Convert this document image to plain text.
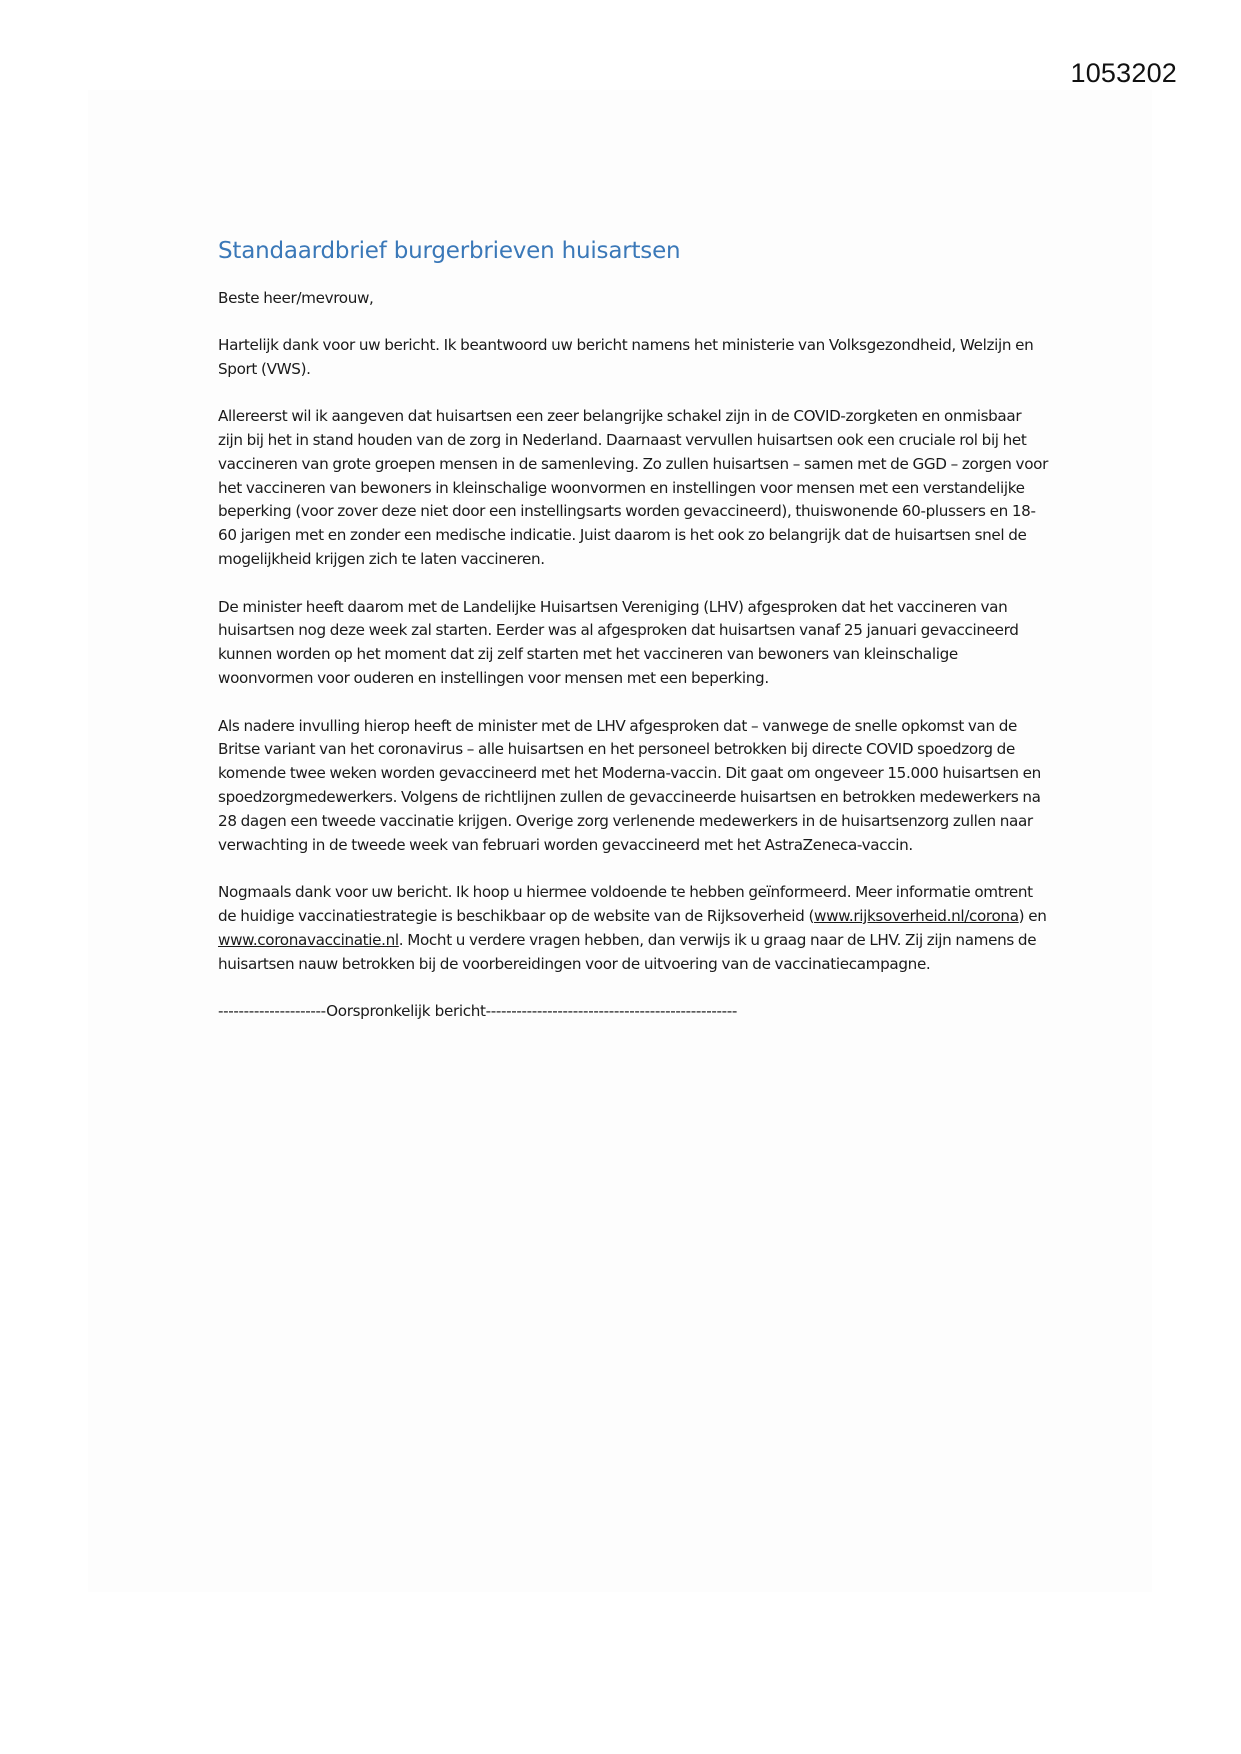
1053202
Standaardbrief burgerbrieven huisartsen

Beste heer/mevrouw,

Hartelijk dank voor uw bericht. Ik beantwoord uw bericht namens het ministerie van Volksgezondheid, Welzijn en Sport (VWS).

Allereerst wil ik aangeven dat huisartsen een zeer belangrijke schakel zijn in de COVID-zorgketen en onmisbaar zijn bij het in stand houden van de zorg in Nederland. Daarnaast vervullen huisartsen ook een cruciale rol bij het vaccineren van grote groepen mensen in de samenleving. Zo zullen huisartsen – samen met de GGD – zorgen voor het vaccineren van bewoners in kleinschalige woonvormen en instellingen voor mensen met een verstandelijke beperking (voor zover deze niet door een instellingsarts worden gevaccineerd), thuiswonende 60-plussers en 18-60 jarigen met en zonder een medische indicatie. Juist daarom is het ook zo belangrijk dat de huisartsen snel de mogelijkheid krijgen zich te laten vaccineren.

De minister heeft daarom met de Landelijke Huisartsen Vereniging (LHV) afgesproken dat het vaccineren van huisartsen nog deze week zal starten. Eerder was al afgesproken dat huisartsen vanaf 25 januari gevaccineerd kunnen worden op het moment dat zij zelf starten met het vaccineren van bewoners van kleinschalige woonvormen voor ouderen en instellingen voor mensen met een beperking.

Als nadere invulling hierop heeft de minister met de LHV afgesproken dat – vanwege de snelle opkomst van de Britse variant van het coronavirus – alle huisartsen en het personeel betrokken bij directe COVID spoedzorg de komende twee weken worden gevaccineerd met het Moderna-vaccin. Dit gaat om ongeveer 15.000 huisartsen en spoedzorgmedewerkers. Volgens de richtlijnen zullen de gevaccineerde huisartsen en betrokken medewerkers na 28 dagen een tweede vaccinatie krijgen. Overige zorg verlenende medewerkers in de huisartsenzorg zullen naar verwachting in de tweede week van februari worden gevaccineerd met het AstraZeneca-vaccin.

Nogmaals dank voor uw bericht. Ik hoop u hiermee voldoende te hebben geïnformeerd. Meer informatie omtrent de huidige vaccinatiestrategie is beschikbaar op de website van de Rijksoverheid (www.rijksoverheid.nl/corona) en www.coronavaccinatie.nl. Mocht u verdere vragen hebben, dan verwijs ik u graag naar de LHV. Zij zijn namens de huisartsen nauw betrokken bij de voorbereidingen voor de uitvoering van de vaccinatiecampagne.

---------------------Oorspronkelijk bericht-------------------------------------------------
